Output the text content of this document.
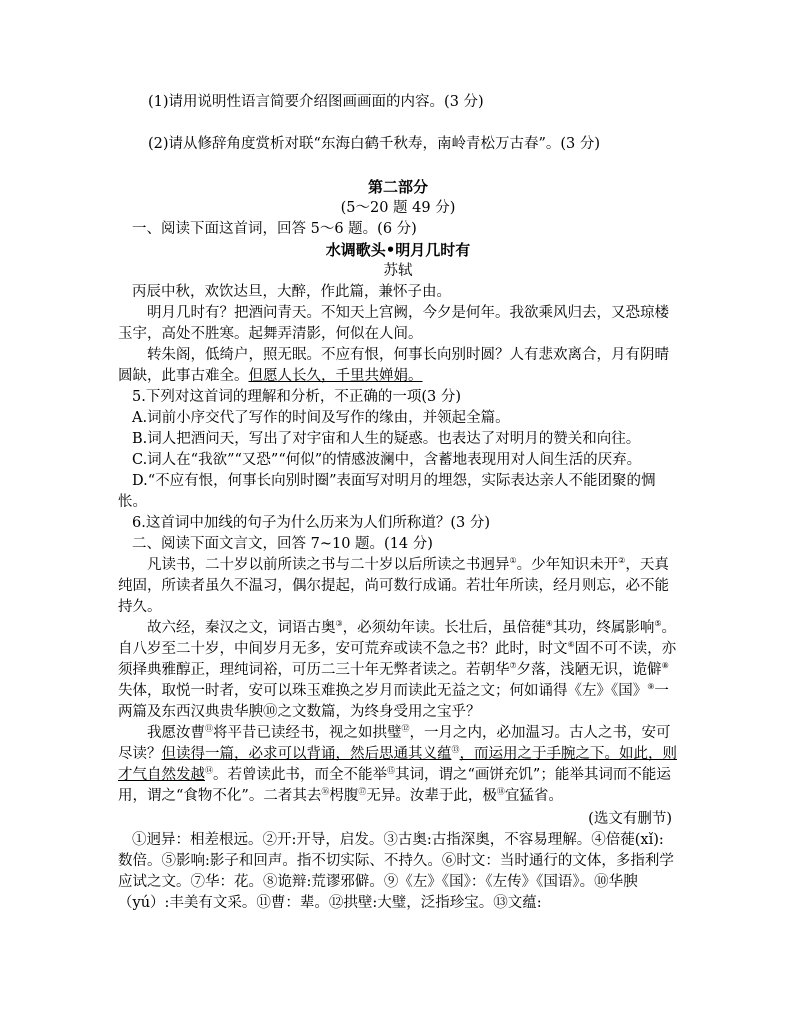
(1)请用说明性语言简要介绍图画画面的内容。(3 分)

(2)请从修辞角度赏析对联“东海白鹤千秋寿，南岭青松万古春”。(3 分)

第二部分

(5～20 题 49 分)

一、阅读下面这首词，回答 5～6 题。(6 分)

水调歌头•明月几时有

苏轼

丙辰中秋，欢饮达旦，大醉，作此篇，兼怀子由。

明月几时有？把酒问青天。不知天上宫阙，今夕是何年。我欲乘风归去，又恐琼楼玉宇，高处不胜寒。起舞弄清影，何似在人间。

转朱阁，低绮户，照无眠。不应有恨，何事长向别时圆？人有悲欢离合，月有阴晴圆缺，此事古难全。但愿人长久，千里共婵娟。

5.下列对这首词的理解和分析，不正确的一项(3 分)

A.词前小序交代了写作的时间及写作的缘由，并领起全篇。

B.词人把酒问天，写出了对宇宙和人生的疑惑。也表达了对明月的赞关和向往。

C.词人在“我欲”“又恐”“何似”的情感波澜中，含蓄地表现用对人间生活的厌弃。

D.“不应有恨，何事长向别时圈”表面写对明月的埋怨，实际表达亲人不能团聚的惆怅。

6.这首词中加线的句子为什么历来为人们所称道？(3 分)

二、阅读下面文言文，回答 7~10 题。(14 分)

凡读书，二十岁以前所读之书与二十岁以后所读之书迥异①。少年知识未开②，天真纯固，所读者虽久不温习，偶尔提起，尚可数行成诵。若壮年所读，经月则忘，必不能持久。

故六经，秦汉之文，词语古奥③，必须幼年读。长壮后，虽倍蓰④其功，终属影响⑤。自八岁至二十岁，中间岁月无多，安可荒弃或读不急之书？此时，时文⑥固不可不读，亦须择典雅醇正，理纯词裕，可历二三十年无弊者读之。若朝华⑦夕落，浅陋无识，诡僻⑧失体，取悦一时者，安可以珠玉难换之岁月而读此无益之文；何如诵得《左》《国》⑨一两篇及东西汉典贵华腴⑩之文数篇，为终身受用之宝乎？

我愿汝曹⑪将平昔已读经书，视之如拱璧⑫，一月之内，必加温习。古人之书，安可尽读？但读得一篇，必求可以背诵，然后思通其义蕴⑬，而运用之于手腕之下。如此，则才气自然发越⑭。若曾读此书，而全不能举⑮其词，谓之“画饼充饥”；能举其词而不能运用，谓之“食物不化”。二者其去⑯枵腹⑰无异。汝辈于此，极⑱宜猛省。

(选文有删节)

①迥异：相差根远。②开:开导，启发。③古奥:古指深奥，不容易理解。④倍蓰(xǐ):数倍。⑤影响:影子和回声。指不切实际、不持久。⑥时文：当时通行的文体，多指利学应试之文。⑦华：花。⑧诡辩:荒谬邪僻。⑨《左》《国》：《左传》《国语》。⑩华腴（yú）:丰美有文采。⑪曹：辈。⑫拱壁:大璧，泛指珍宝。⑬文蕴:
